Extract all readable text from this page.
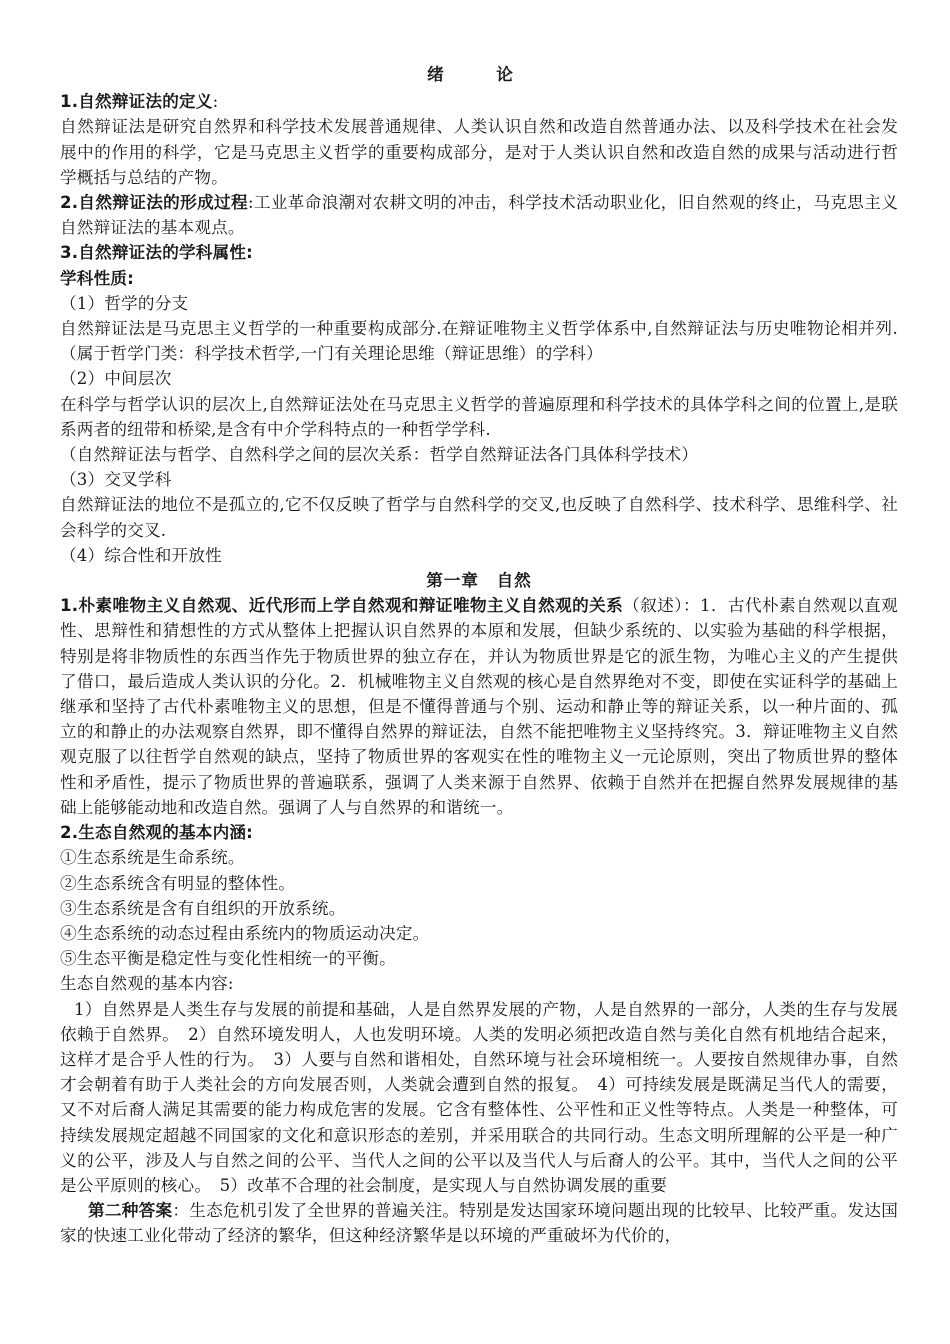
绪　论

1.自然辩证法的定义:

自然辩证法是研究自然界和科学技术发展普通规律、人类认识自然和改造自然普通办法、以及科学技术在社会发展中的作用的科学，它是马克思主义哲学的重要构成部分，是对于人类认识自然和改造自然的成果与活动进行哲学概括与总结的产物。

2.自然辩证法的形成过程:工业革命浪潮对农耕文明的冲击，科学技术活动职业化，旧自然观的终止，马克思主义自然辩证法的基本观点。

3.自然辩证法的学科属性:

学科性质:

（1）哲学的分支

自然辩证法是马克思主义哲学的一种重要构成部分.在辩证唯物主义哲学体系中,自然辩证法与历史唯物论相并列.（属于哲学门类：科学技术哲学,一门有关理论思维（辩证思维）的学科）

（2）中间层次

在科学与哲学认识的层次上,自然辩证法处在马克思主义哲学的普遍原理和科学技术的具体学科之间的位置上,是联系两者的纽带和桥梁,是含有中介学科特点的一种哲学学科.

（自然辩证法与哲学、自然科学之间的层次关系：哲学自然辩证法各门具体科学技术）

（3）交叉学科

自然辩证法的地位不是孤立的,它不仅反映了哲学与自然科学的交叉,也反映了自然科学、技术科学、思维科学、社会科学的交叉.

（4）综合性和开放性

第一章　自然

1.朴素唯物主义自然观、近代形而上学自然观和辩证唯物主义自然观的关系（叙述）：1．古代朴素自然观以直观性、思辩性和猜想性的方式从整体上把握认识自然界的本原和发展，但缺少系统的、以实验为基础的科学根据，特别是将非物质性的东西当作先于物质世界的独立存在，并认为物质世界是它的派生物，为唯心主义的产生提供了借口，最后造成人类认识的分化。2．机械唯物主义自然观的核心是自然界绝对不变，即使在实证科学的基础上继承和坚持了古代朴素唯物主义的思想，但是不懂得普通与个别、运动和静止等的辩证关系，以一种片面的、孤立的和静止的办法观察自然界，即不懂得自然界的辩证法，自然不能把唯物主义坚持终究。3．辩证唯物主义自然观克服了以往哲学自然观的缺点，坚持了物质世界的客观实在性的唯物主义一元论原则，突出了物质世界的整体性和矛盾性，提示了物质世界的普遍联系，强调了人类来源于自然界、依赖于自然并在把握自然界发展规律的基础上能够能动地和改造自然。强调了人与自然界的和谐统一。

2.生态自然观的基本内涵:

①生态系统是生命系统。

②生态系统含有明显的整体性。

③生态系统是含有自组织的开放系统。

④生态系统的动态过程由系统内的物质运动决定。

⑤生态平衡是稳定性与变化性相统一的平衡。

生态自然观的基本内容:

1）自然界是人类生存与发展的前提和基础，人是自然界发展的产物，人是自然界的一部分，人类的生存与发展依赖于自然界。　2）自然环境发明人，人也发明环境。人类的发明必须把改造自然与美化自然有机地结合起来，这样才是合乎人性的行为。　3）人要与自然和谐相处，自然环境与社会环境相统一。人要按自然规律办事，自然才会朝着有助于人类社会的方向发展否则，人类就会遭到自然的报复。　4）可持续发展是既满足当代人的需要，又不对后裔人满足其需要的能力构成危害的发展。它含有整体性、公平性和正义性等特点。人类是一种整体，可持续发展规定超越不同国家的文化和意识形态的差别，并采用联合的共同行动。生态文明所理解的公平是一种广义的公平，涉及人与自然之间的公平、当代人之间的公平以及当代人与后裔人的公平。其中，当代人之间的公平是公平原则的核心。　5）改革不合理的社会制度，是实现人与自然协调发展的重要

第二种答案：生态危机引发了全世界的普遍关注。特别是发达国家环境问题出现的比较早、比较严重。发达国家的快速工业化带动了经济的繁华，但这种经济繁华是以环境的严重破坏为代价的，
